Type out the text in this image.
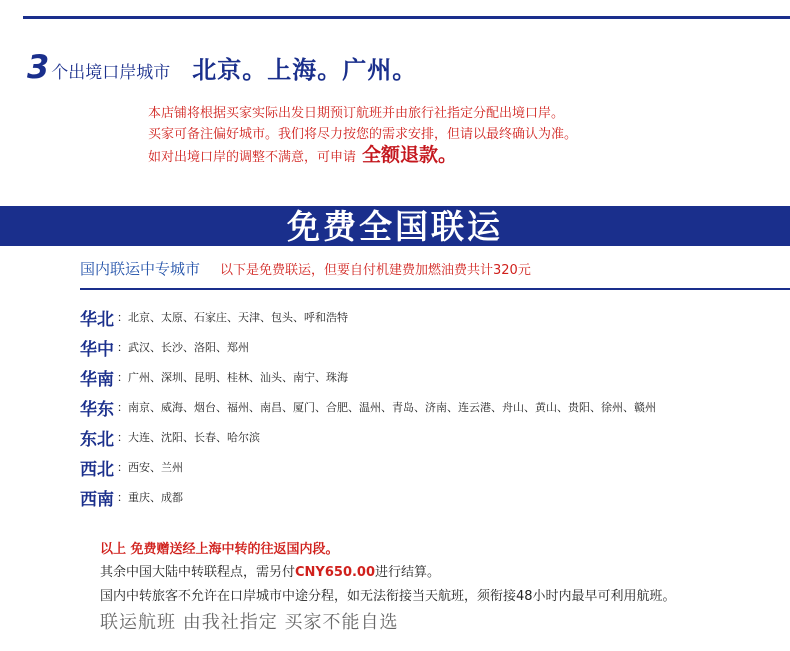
3 个出境口岸城市 北京。上海。广州。
本店铺将根据买家实际出发日期预订航班并由旅行社指定分配出境口岸。
买家可备注偏好城市。我们将尽力按您的需求安排，但请以最终确认为准。
如对出境口岸的调整不满意，可申请 全额退款。
免费全国联运
国内联运中专城市 以下是免费联运，但要自付机建费加燃油费共计320元
华北 ：北京、太原、石家庄、天津、包头、呼和浩特
华中 ：武汉、长沙、洛阳、郑州
华南 ：广州、深圳、昆明、桂林、汕头、南宁、珠海
华东 ：南京、威海、烟台、福州、南昌、厦门、合肥、温州、青岛、济南、连云港、舟山、黄山、贵阳、徐州、赣州
东北 ：大连、沈阳、长春、哈尔滨
西北 ：西安、兰州
西南 ：重庆、成都
以上 免费赠送经上海中转的往返国内段。
其余中国大陆中转联程点，需另付CNY650.00进行结算。
国内中转旅客不允许在口岸城市中途分程，如无法衔接当天航班，须衔接48小时内最早可利用航班。
联运航班 由我社指定 买家不能自选
